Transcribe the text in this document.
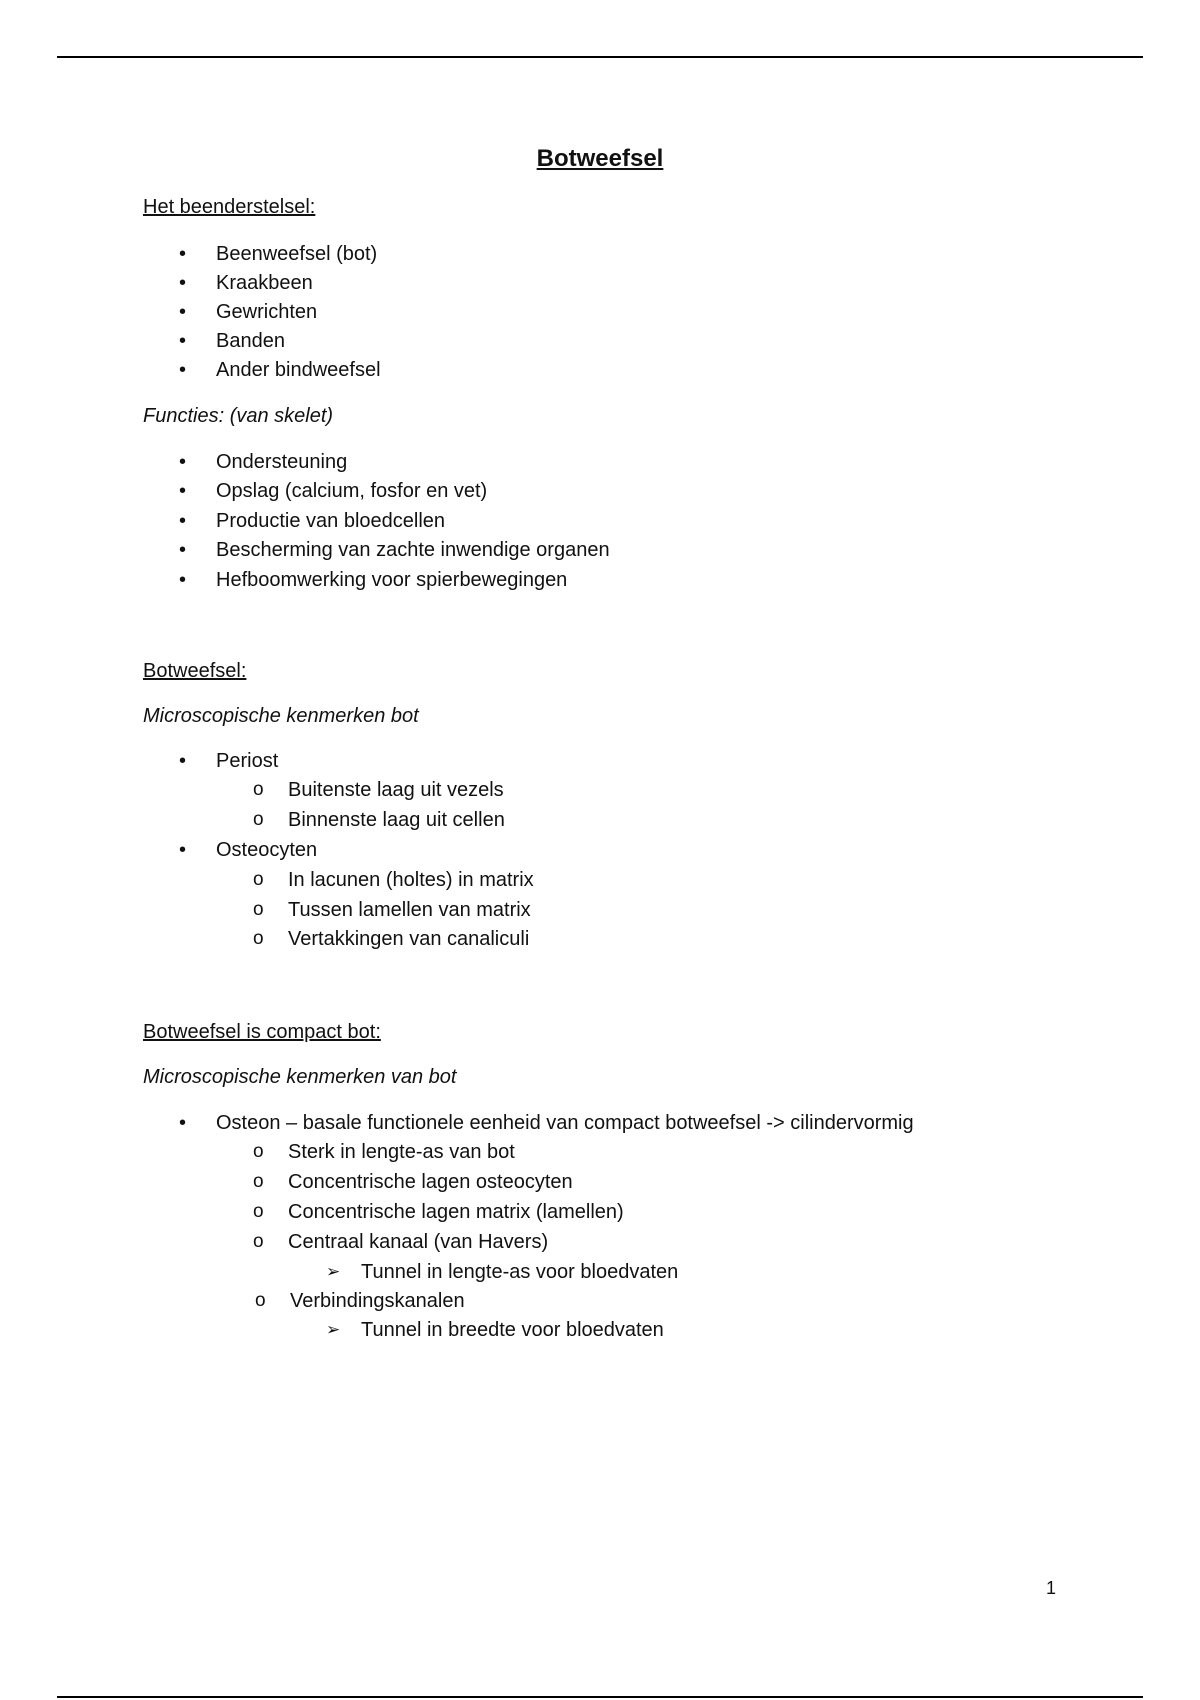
Botweefsel
Het beenderstelsel:
• Beenweefsel (bot)
• Kraakbeen
• Gewrichten
• Banden
• Ander bindweefsel
Functies: (van skelet)
• Ondersteuning
• Opslag (calcium, fosfor en vet)
• Productie van bloedcellen
• Bescherming van zachte inwendige organen
• Hefboomwerking voor spierbewegingen
Botweefsel:
Microscopische kenmerken bot
• Periost
o Buitenste laag uit vezels
o Binnenste laag uit cellen
• Osteocyten
o In lacunen (holtes) in matrix
o Tussen lamellen van matrix
o Vertakkingen van canaliculi
Botweefsel is compact bot:
Microscopische kenmerken van bot
• Osteon – basale functionele eenheid van compact botweefsel -> cilindervormig
o Sterk in lengte-as van bot
o Concentrische lagen osteocyten
o Concentrische lagen matrix (lamellen)
o Centraal kanaal (van Havers)
➢ Tunnel in lengte-as voor bloedvaten
o Verbindingskanalen
➢ Tunnel in breedte voor bloedvaten
1
